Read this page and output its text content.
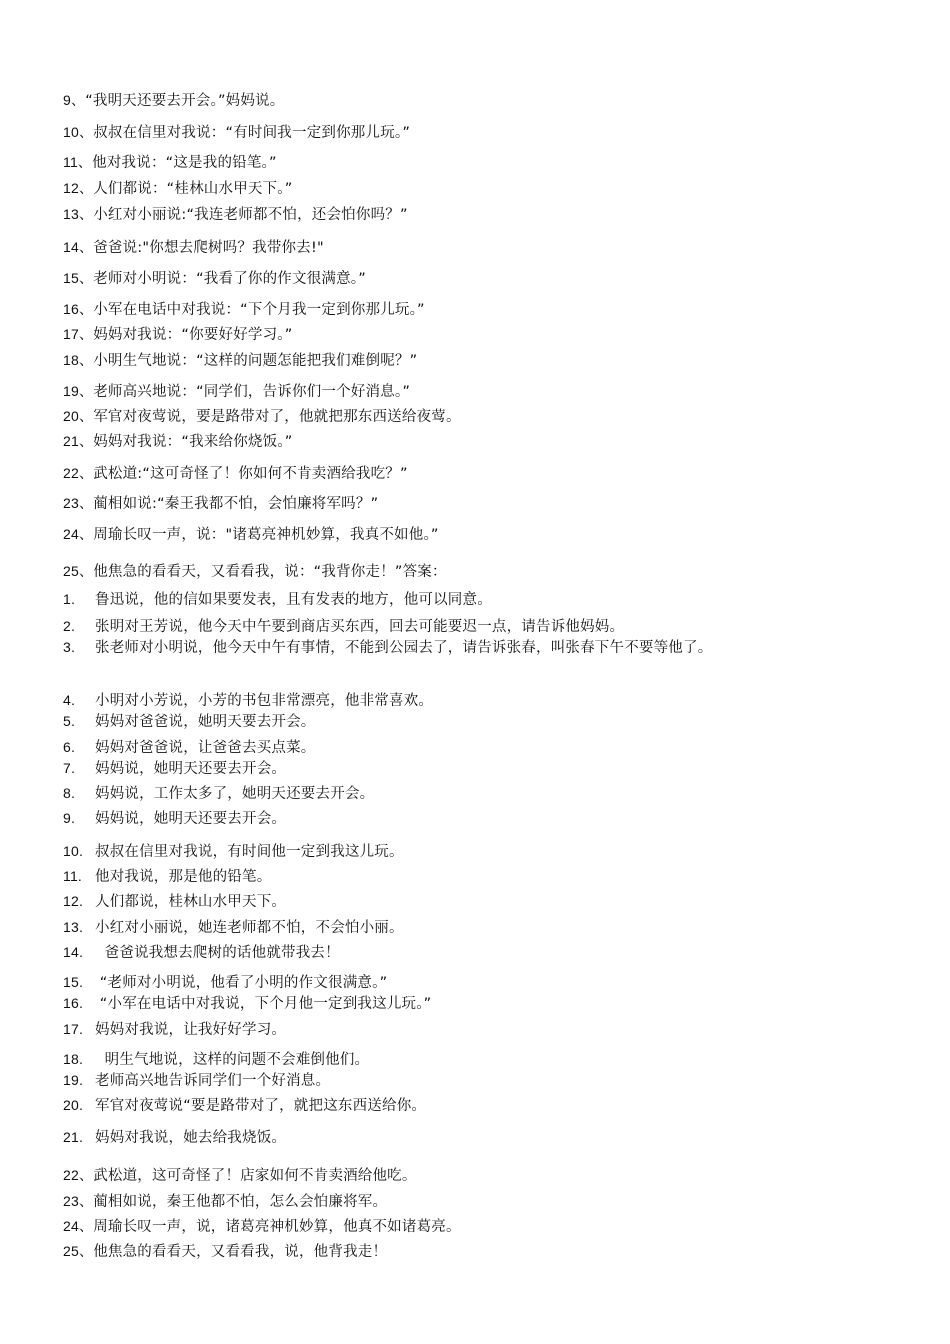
9、“我明天还要去开会。”妈妈说。
10、叔叔在信里对我说：“有时间我一定到你那儿玩。”
11、他对我说：“这是我的铅笔。”
12、人们都说：“桂林山水甲天下。”
13、小红对小丽说:“我连老师都不怕，还会怕你吗？”
14、爸爸说:"你想去爬树吗？我带你去!"
15、老师对小明说：“我看了你的作文很满意。”
16、小军在电话中对我说：“下个月我一定到你那儿玩。”
17、妈妈对我说：“你要好好学习。”
18、小明生气地说：“这样的问题怎能把我们难倒呢？”
19、老师高兴地说：“同学们，告诉你们一个好消息。”
20、军官对夜莺说，要是路带对了，他就把那东西送给夜莺。
21、妈妈对我说：“我来给你烧饭。”
22、武松道:“这可奇怪了！你如何不肯卖酒给我吃？”
23、蔺相如说:“秦王我都不怕，会怕廉将军吗？”
24、周瑜长叹一声，说："诸葛亮神机妙算，我真不如他。”
25、他焦急的看看天，又看看我，说：“我背你走！”答案：
1. 鲁迅说，他的信如果要发表，且有发表的地方，他可以同意。
2. 张明对王芳说，他今天中午要到商店买东西，回去可能要迟一点，请告诉他妈妈。
3. 张老师对小明说，他今天中午有事情，不能到公园去了，请告诉张春，叫张春下午不要等他了。
4. 小明对小芳说，小芳的书包非常漂亮，他非常喜欢。
5. 妈妈对爸爸说，她明天要去开会。
6. 妈妈对爸爸说，让爸爸去买点菜。
7. 妈妈说，她明天还要去开会。
8. 妈妈说，工作太多了，她明天还要去开会。
9. 妈妈说，她明天还要去开会。
10. 叔叔在信里对我说，有时间他一定到我这儿玩。
11. 他对我说，那是他的铅笔。
12. 人们都说，桂林山水甲天下。
13. 小红对小丽说，她连老师都不怕，不会怕小丽。
14.  爸爸说我想去爬树的话他就带我去！
15. “老师对小明说，他看了小明的作文很满意。”
16. “小军在电话中对我说，下个月他一定到我这儿玩。”
17. 妈妈对我说，让我好好学习。
18.  明生气地说，这样的问题不会难倒他们。
19. 老师高兴地告诉同学们一个好消息。
20. 军官对夜莺说“要是路带对了，就把这东西送给你。
21. 妈妈对我说，她去给我烧饭。
22、武松道，这可奇怪了！店家如何不肯卖酒给他吃。
23、蔺相如说，秦王他都不怕，怎么会怕廉将军。
24、周瑜长叹一声，说，诸葛亮神机妙算，他真不如诸葛亮。
25、他焦急的看看天，又看看我，说，他背我走！
